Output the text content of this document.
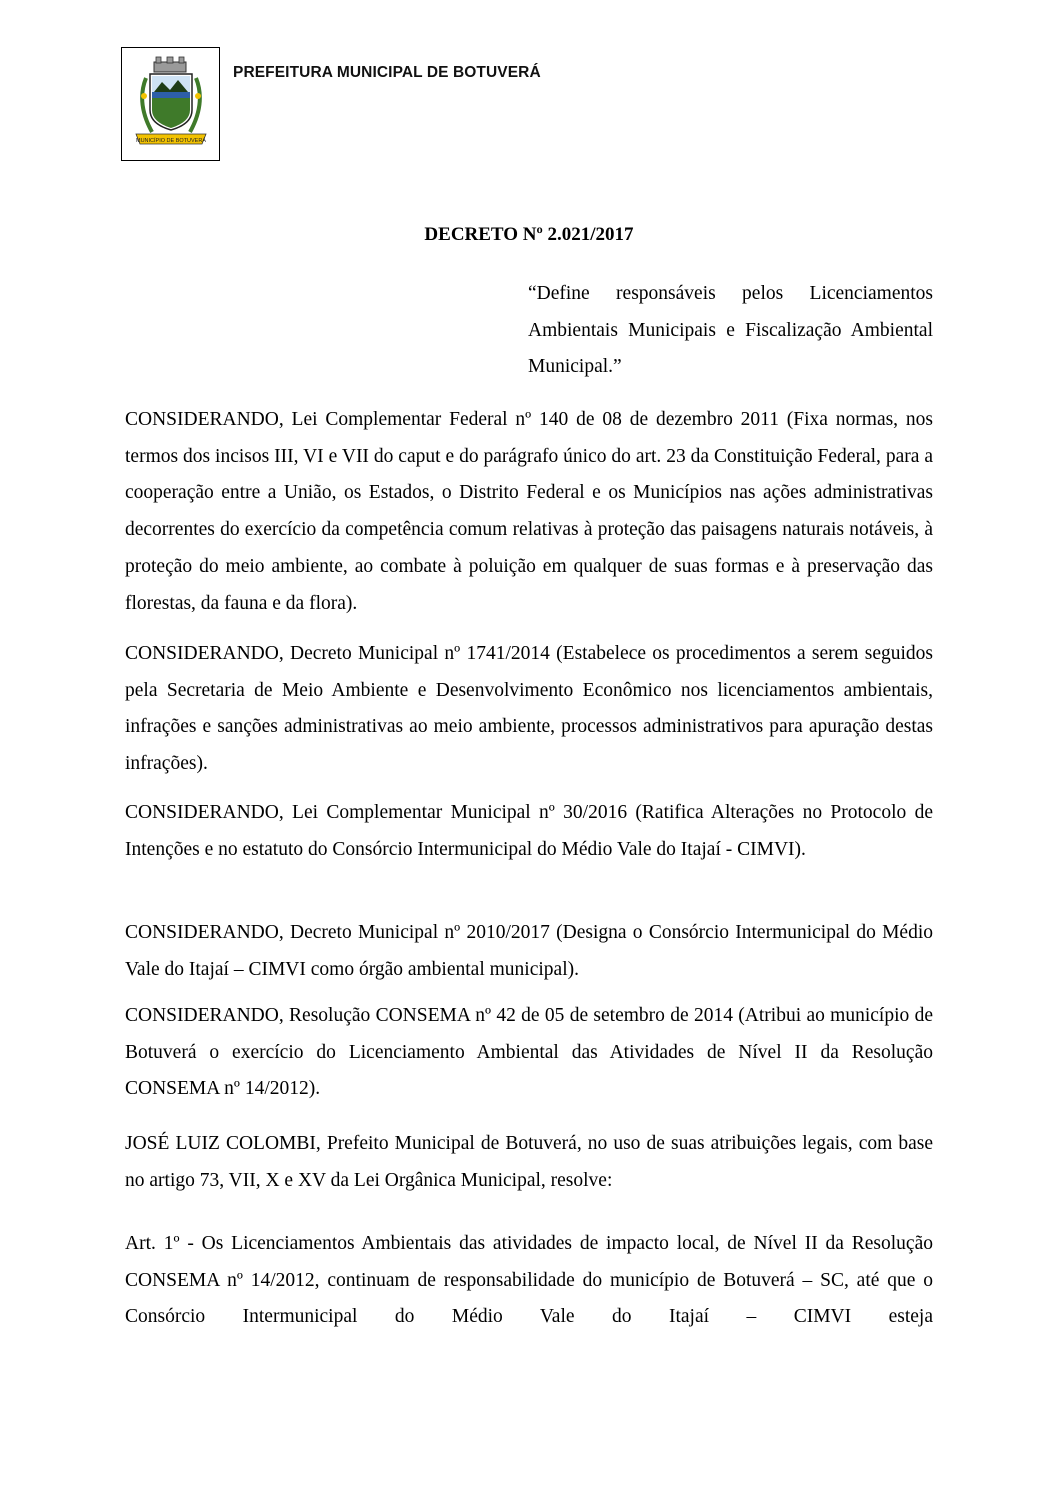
MUNICÍPIO DE BOTUVERÁ
PREFEITURA MUNICIPAL DE BOTUVERÁ
DECRETO Nº 2.021/2017
“Define responsáveis pelos Licenciamentos Ambientais Municipais e Fiscalização Ambiental Municipal.”
CONSIDERANDO, Lei Complementar Federal nº 140 de 08 de dezembro 2011 (Fixa normas, nos termos dos incisos III, VI e VII do caput e do parágrafo único do art. 23 da Constituição Federal, para a cooperação entre a União, os Estados, o Distrito Federal e os Municípios nas ações administrativas decorrentes do exercício da competência comum relativas à proteção das paisagens naturais notáveis, à proteção do meio ambiente, ao combate à poluição em qualquer de suas formas e à preservação das florestas, da fauna e da flora).
CONSIDERANDO, Decreto Municipal nº 1741/2014 (Estabelece os procedimentos a serem seguidos pela Secretaria de Meio Ambiente e Desenvolvimento Econômico nos licenciamentos ambientais, infrações e sanções administrativas ao meio ambiente, processos administrativos para apuração destas infrações).
CONSIDERANDO, Lei Complementar Municipal nº 30/2016 (Ratifica Alterações no Protocolo de Intenções e no estatuto do Consórcio Intermunicipal do Médio Vale do Itajaí - CIMVI).
CONSIDERANDO, Decreto Municipal nº 2010/2017 (Designa o Consórcio Intermunicipal do Médio Vale do Itajaí – CIMVI como órgão ambiental municipal).
CONSIDERANDO, Resolução CONSEMA nº 42 de 05 de setembro de 2014 (Atribui ao município de Botuverá o exercício do Licenciamento Ambiental das Atividades de Nível II da Resolução CONSEMA nº 14/2012).
JOSÉ LUIZ COLOMBI, Prefeito Municipal de Botuverá, no uso de suas atribuições legais, com base no artigo 73, VII, X e XV da Lei Orgânica Municipal, resolve:
Art. 1º - Os Licenciamentos Ambientais das atividades de impacto local, de Nível II da Resolução CONSEMA nº 14/2012, continuam de responsabilidade do município de Botuverá – SC, até que o Consórcio Intermunicipal do Médio Vale do Itajaí – CIMVI esteja
